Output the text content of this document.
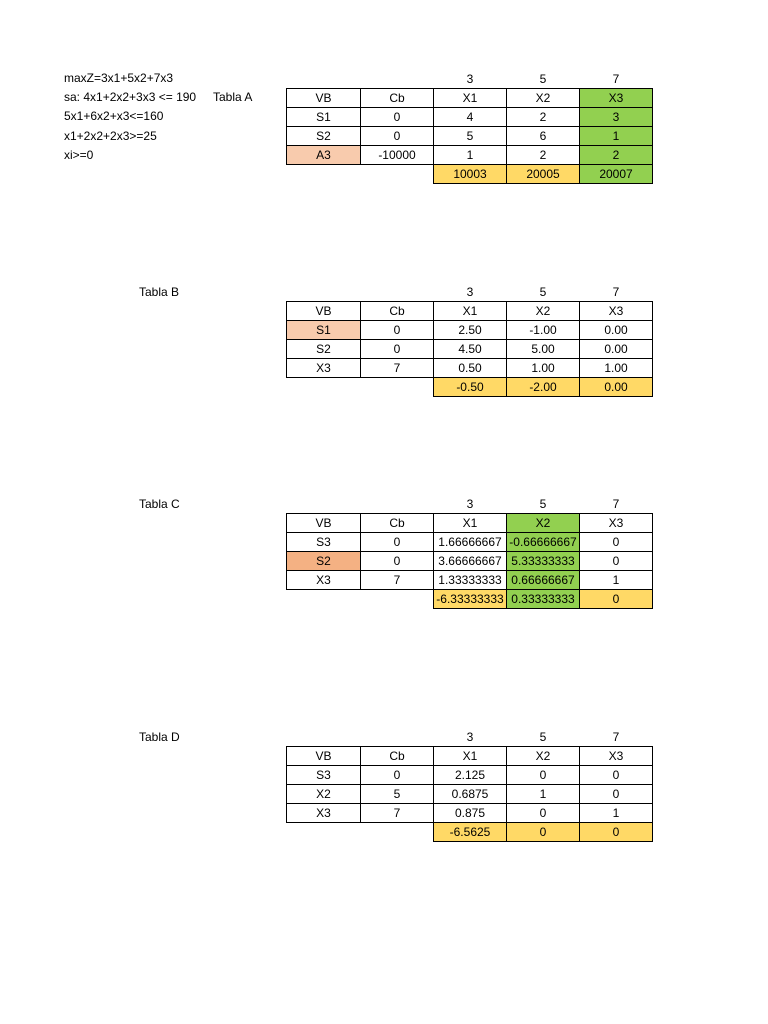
maxZ=3x1+5x2+7x3
sa: 4x1+2x2+3x3 <= 190
5x1+6x2+x3<=160
x1+2x2+2x3>=25
xi>=0
Tabla A
Tabla B
Tabla C
Tabla D
		3	5	7
VB	Cb	X1	X2	X3
S1	0	4	2	3
S2	0	5	6	1
A3	-10000	1	2	2
		10003	20005	20007
		3	5	7
VB	Cb	X1	X2	X3
S1	0	2.50	-1.00	0.00
S2	0	4.50	5.00	0.00
X3	7	0.50	1.00	1.00
		-0.50	-2.00	0.00
		3	5	7
VB	Cb	X1	X2	X3
S3	0	1.66666667	-0.66666667	0
S2	0	3.66666667	5.33333333	0
X3	7	1.33333333	0.66666667	1
		-6.33333333	0.33333333	0
		3	5	7
VB	Cb	X1	X2	X3
S3	0	2.125	0	0
X2	5	0.6875	1	0
X3	7	0.875	0	1
		-6.5625	0	0
